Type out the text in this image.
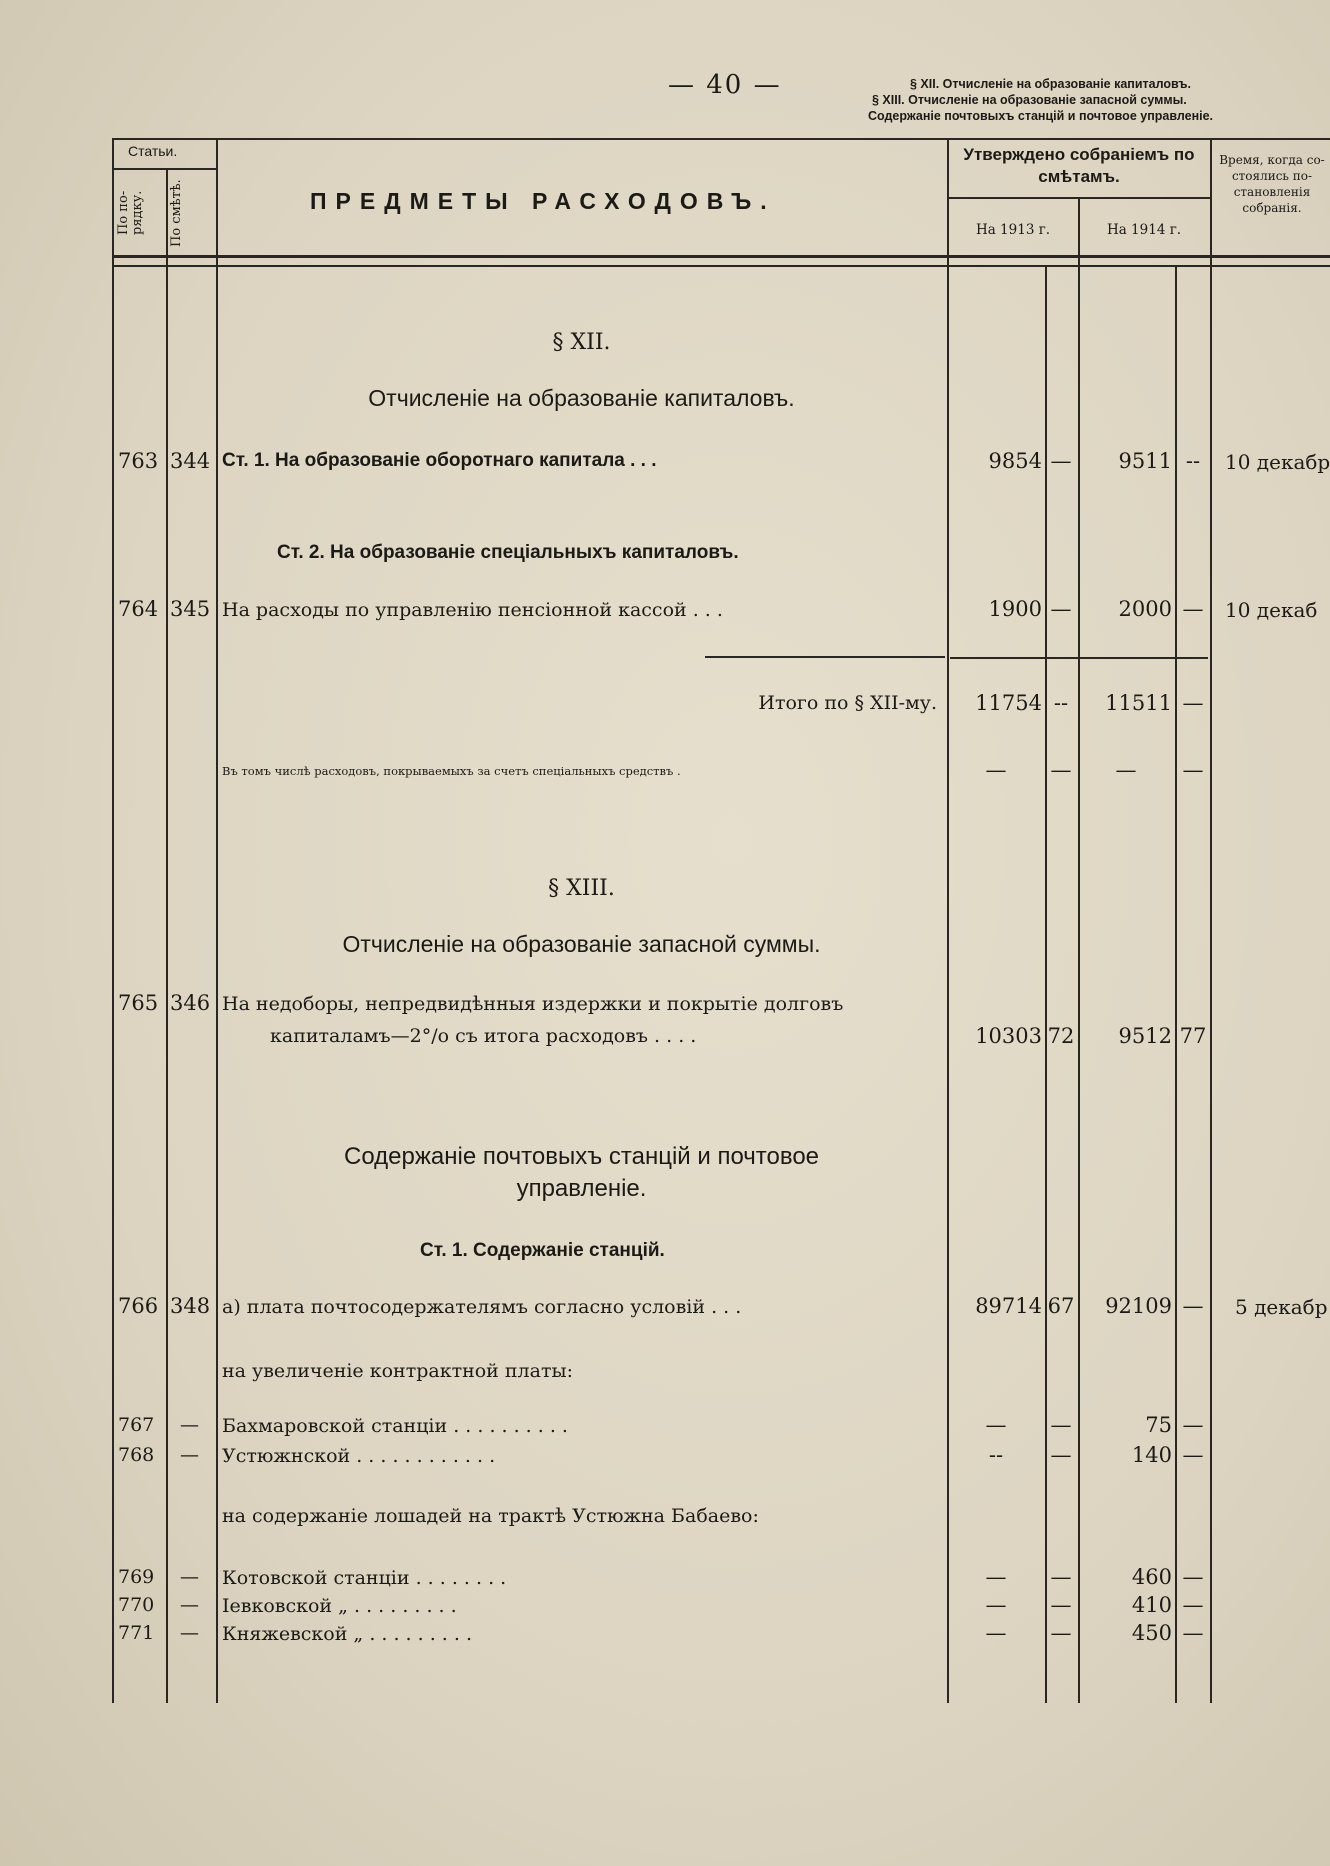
— 40 —	§ XII. Отчисленіе на образованіе капиталовъ.
§ XIII. Отчисленіе на образованіе запасной суммы.
Содержаніе почтовыхъ станцій и почтовое управленіе.
Статьи.
По по-рядку.	По смѣтѣ.	ПРЕДМЕТЫ РАСХОДОВЪ.
Утверждено собраніемъ по смѣтамъ.
На 1913 г.	На 1914 г.
Время, когда со-стоялись по-становленія собранія.
§ XII.
Отчисленіе на образованіе капиталовъ.
763 344 Ст. 1. На образованіе оборотнаго капитала . . .	9854 —	9511 --	10 декабр
Ст. 2. На образованіе спеціальныхъ капиталовъ.
764 345 На расходы по управленію пенсіонной кассой . . .	1900 —	2000 —	10 декаб
Итого по § XII-му.	11754 --	11511 —
Въ томъ числѣ расходовъ, покрываемыхъ за счетъ спеціальныхъ средствъ .	—	—	—	—
§ XIII.
Отчисленіе на образованіе запасной суммы.
765 346 На недоборы, непредвидѣнныя издержки и покрытіе долговъ
капиталамъ—2°/o съ итога расходовъ . . . .	10303 72	9512 77
Содержаніе почтовыхъ станцій и почтовое
управленіе.
Ст. 1. Содержаніе станцій.
766 348 а) плата почтосодержателямъ согласно условій . . .	89714 67	92109 —	5 декабр
на увеличеніе контрактной платы:
767 — Бахмаровской станціи . . . . . . . . . .	—	—	75 —
768 — Устюжнской . . . . . . . . . . . .	--	—	140 —
на содержаніе лошадей на трактѣ Устюжна Бабаево:
769 — Котовской станціи . . . . . . . .	—	—	460 —
770 — Іевковской „ . . . . . . . . .	—	—	410 —
771 — Княжевской „ . . . . . . . . .	—	—	450 —
